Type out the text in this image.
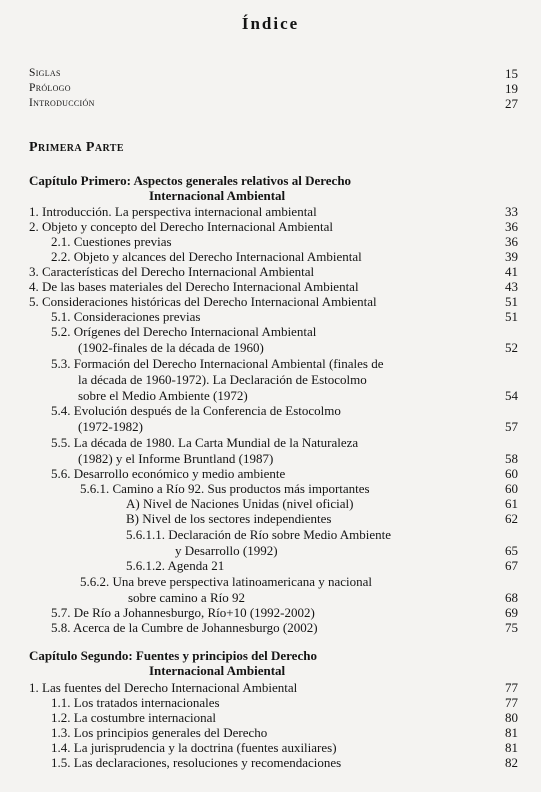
Índice
Siglas	15
Prólogo	19
Introducción	27
Primera Parte
Capítulo Primero: Aspectos generales relativos al Derecho
Internacional Ambiental
1. Introducción. La perspectiva internacional ambiental	33
2. Objeto y concepto del Derecho Internacional Ambiental	36
2.1. Cuestiones previas	36
2.2. Objeto y alcances del Derecho Internacional Ambiental	39
3. Características del Derecho Internacional Ambiental	41
4. De las bases materiales del Derecho Internacional Ambiental	43
5. Consideraciones históricas del Derecho Internacional Ambiental	51
5.1. Consideraciones previas	51
5.2. Orígenes del Derecho Internacional Ambiental
(1902-finales de la década de 1960)	52
5.3. Formación del Derecho Internacional Ambiental (finales de
la década de 1960-1972). La Declaración de Estocolmo
sobre el Medio Ambiente (1972)	54
5.4. Evolución después de la Conferencia de Estocolmo
(1972-1982)	57
5.5. La década de 1980. La Carta Mundial de la Naturaleza
(1982) y el Informe Bruntland (1987)	58
5.6. Desarrollo económico y medio ambiente	60
5.6.1. Camino a Río 92. Sus productos más importantes	60
A) Nivel de Naciones Unidas (nivel oficial)	61
B) Nivel de los sectores independientes	62
5.6.1.1. Declaración de Río sobre Medio Ambiente
y Desarrollo (1992)	65
5.6.1.2. Agenda 21	67
5.6.2. Una breve perspectiva latinoamericana y nacional
sobre camino a Río 92	68
5.7. De Río a Johannesburgo, Río+10 (1992-2002)	69
5.8. Acerca de la Cumbre de Johannesburgo (2002)	75
Capítulo Segundo: Fuentes y principios del Derecho
Internacional Ambiental
1. Las fuentes del Derecho Internacional Ambiental	77
1.1. Los tratados internacionales	77
1.2. La costumbre internacional	80
1.3. Los principios generales del Derecho	81
1.4. La jurisprudencia y la doctrina (fuentes auxiliares)	81
1.5. Las declaraciones, resoluciones y recomendaciones	82
